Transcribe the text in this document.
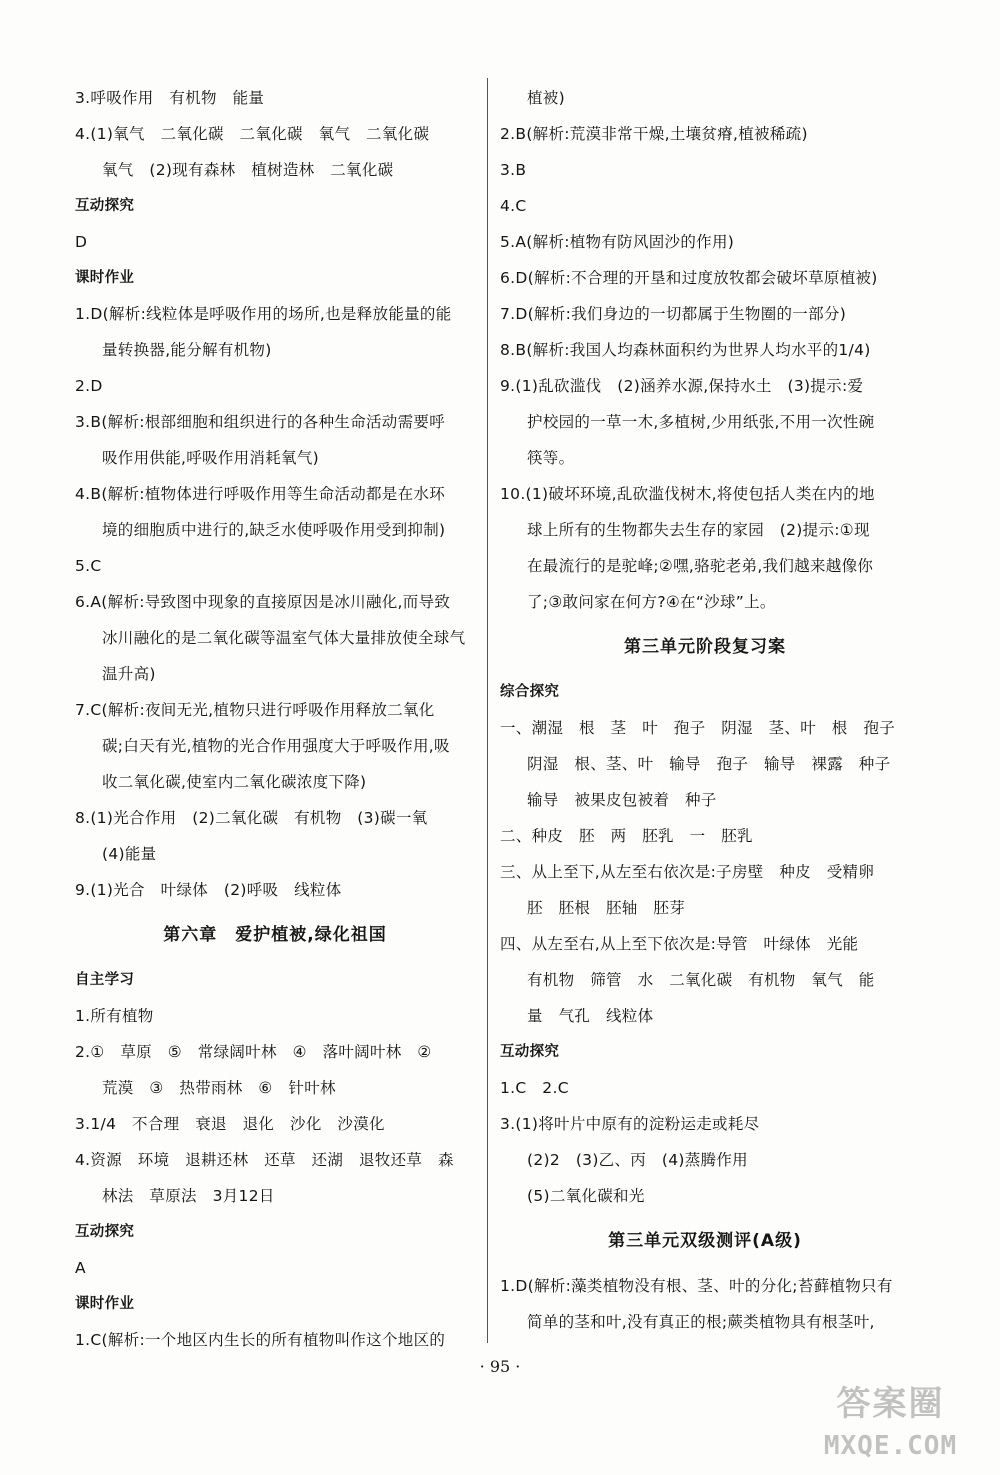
3.呼吸作用　有机物　能量
4.(1)氧气　二氧化碳　二氧化碳　氧气　二氧化碳
氧气　(2)现有森林　植树造林　二氧化碳
互动探究
D
课时作业
1.D(解析:线粒体是呼吸作用的场所,也是释放能量的能
量转换器,能分解有机物)
2.D
3.B(解析:根部细胞和组织进行的各种生命活动需要呼
吸作用供能,呼吸作用消耗氧气)
4.B(解析:植物体进行呼吸作用等生命活动都是在水环
境的细胞质中进行的,缺乏水使呼吸作用受到抑制)
5.C
6.A(解析:导致图中现象的直接原因是冰川融化,而导致
冰川融化的是二氧化碳等温室气体大量排放使全球气
温升高)
7.C(解析:夜间无光,植物只进行呼吸作用释放二氧化
碳;白天有光,植物的光合作用强度大于呼吸作用,吸
收二氧化碳,使室内二氧化碳浓度下降)
8.(1)光合作用　(2)二氧化碳　有机物　(3)碳一氧
(4)能量
9.(1)光合　叶绿体　(2)呼吸　线粒体
第六章　爱护植被,绿化祖国
自主学习
1.所有植物
2.①　草原　⑤　常绿阔叶林　④　落叶阔叶林　②
荒漠　③　热带雨林　⑥　针叶林
3.1/4　不合理　衰退　退化　沙化　沙漠化
4.资源　环境　退耕还林　还草　还湖　退牧还草　森
林法　草原法　3月12日
互动探究
A
课时作业
1.C(解析:一个地区内生长的所有植物叫作这个地区的
植被)
2.B(解析:荒漠非常干燥,土壤贫瘠,植被稀疏)
3.B
4.C
5.A(解析:植物有防风固沙的作用)
6.D(解析:不合理的开垦和过度放牧都会破坏草原植被)
7.D(解析:我们身边的一切都属于生物圈的一部分)
8.B(解析:我国人均森林面积约为世界人均水平的1/4)
9.(1)乱砍滥伐　(2)涵养水源,保持水土　(3)提示:爱
护校园的一草一木,多植树,少用纸张,不用一次性碗
筷等。
10.(1)破坏环境,乱砍滥伐树木,将使包括人类在内的地
球上所有的生物都失去生存的家园　(2)提示:①现
在最流行的是驼峰;②嘿,骆驼老弟,我们越来越像你
了;③敢问家在何方?④在“沙球”上。
第三单元阶段复习案
综合探究
一、潮湿　根　茎　叶　孢子　阴湿　茎、叶　根　孢子
阴湿　根、茎、叶　输导　孢子　输导　裸露　种子
输导　被果皮包被着　种子
二、种皮　胚　两　胚乳　一　胚乳
三、从上至下,从左至右依次是:子房壁　种皮　受精卵
胚　胚根　胚轴　胚芽
四、从左至右,从上至下依次是:导管　叶绿体　光能
有机物　筛管　水　二氧化碳　有机物　氧气　能
量　气孔　线粒体
互动探究
1.C　2.C
3.(1)将叶片中原有的淀粉运走或耗尽
(2)2　(3)乙、丙　(4)蒸腾作用
(5)二氧化碳和光
第三单元双级测评(A级)
1.D(解析:藻类植物没有根、茎、叶的分化;苔藓植物只有
简单的茎和叶,没有真正的根;蕨类植物具有根茎叶,
· 95 ·
答案圈
MXQE.COM
